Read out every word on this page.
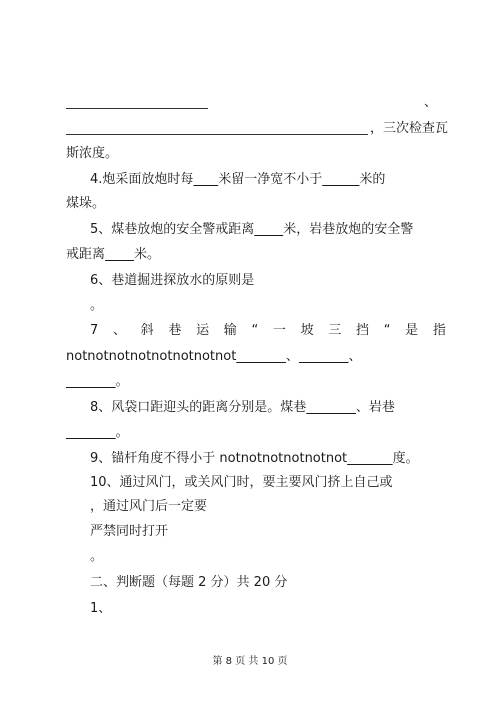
、
，三次检查瓦
斯浓度。
4.炮采面放炮时每 米留一净宽不小于	米的
煤垛。
5、煤巷放炮的安全警戒距离 米，岩巷放炮的安全警
戒距离 米。
6、巷道掘进探放水的原则是
。
7 、 斜 巷 运 输 “ 一 坡 三 挡 “ 是 指
notnotnotnotnotnotnotnot	、	、
。
8、风袋口距迎头的距离分别是。煤巷	、岩巷
。
9、锚杆角度不得小于 notnotnotnotnotnot	度。
10、通过风门，或关风门时，要主要风门挤上自己或
，通过风门后一定要
严禁同时打开
。
二、判断题（每题 2 分）共 20 分
1、
第 8 页 共 10 页
